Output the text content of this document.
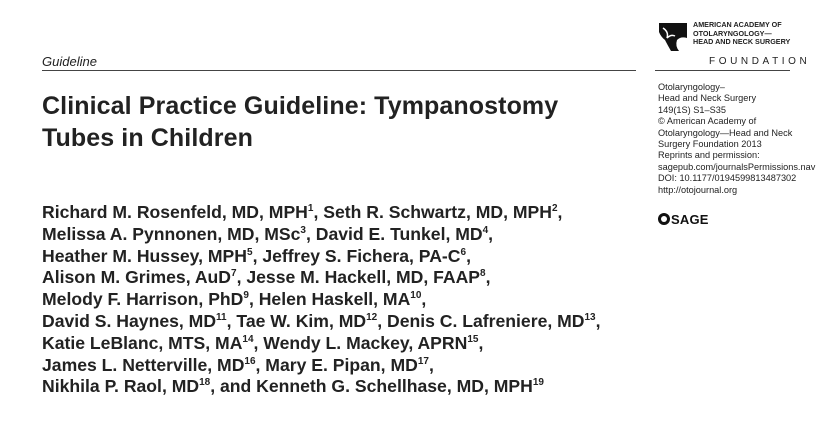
Guideline
Clinical Practice Guideline: Tympanostomy
Tubes in Children
Richard M. Rosenfeld, MD, MPH$^1$, Seth R. Schwartz, MD, MPH$^2$,
Melissa A. Pynnonen, MD, MSc$^3$, David E. Tunkel, $MD^4$,
Heather M. Hussey, MPH$^5$, Jeffrey S. Fichera, $PA-C^6$,
Alison M. Grimes, AuD$^7$, Jesse M. Hackell, MD, FAAP$^8$,
Melody F. Harrison, PhD$^9$, Helen Haskell, MA$^{10}$,
David S. Haynes, MD$^{11}$, Tae W. Kim, MD$^{12}$, Denis C. Lafreniere, MD$^{13}$,
Katie LeBlanc, MTS, MA$^{14}$, Wendy L. Mackey, APRN$^{15}$,
James L. Netterville, MD$^{16}$, Mary E. Pipan, MD$^{17}$,
Nikhila P. Raol, MD$^{18}$, and Kenneth G. Schellhase, MD, MPH$^{19}$
AMERICAN ACADEMY OF
OTOLARYNGOLOGY—
HEAD AND NECK SURGERY
FOUNDATION
Otolaryngology–
Head and Neck Surgery
149(1S) S1–S35
© American Academy of
Otolaryngology—Head and Neck
Surgery Foundation 2013
Reprints and permission:
sagepub.com/journalsPermissions.nav
DOI: 10.1177/0194599813487302
http://otojournal.org
SAGE
